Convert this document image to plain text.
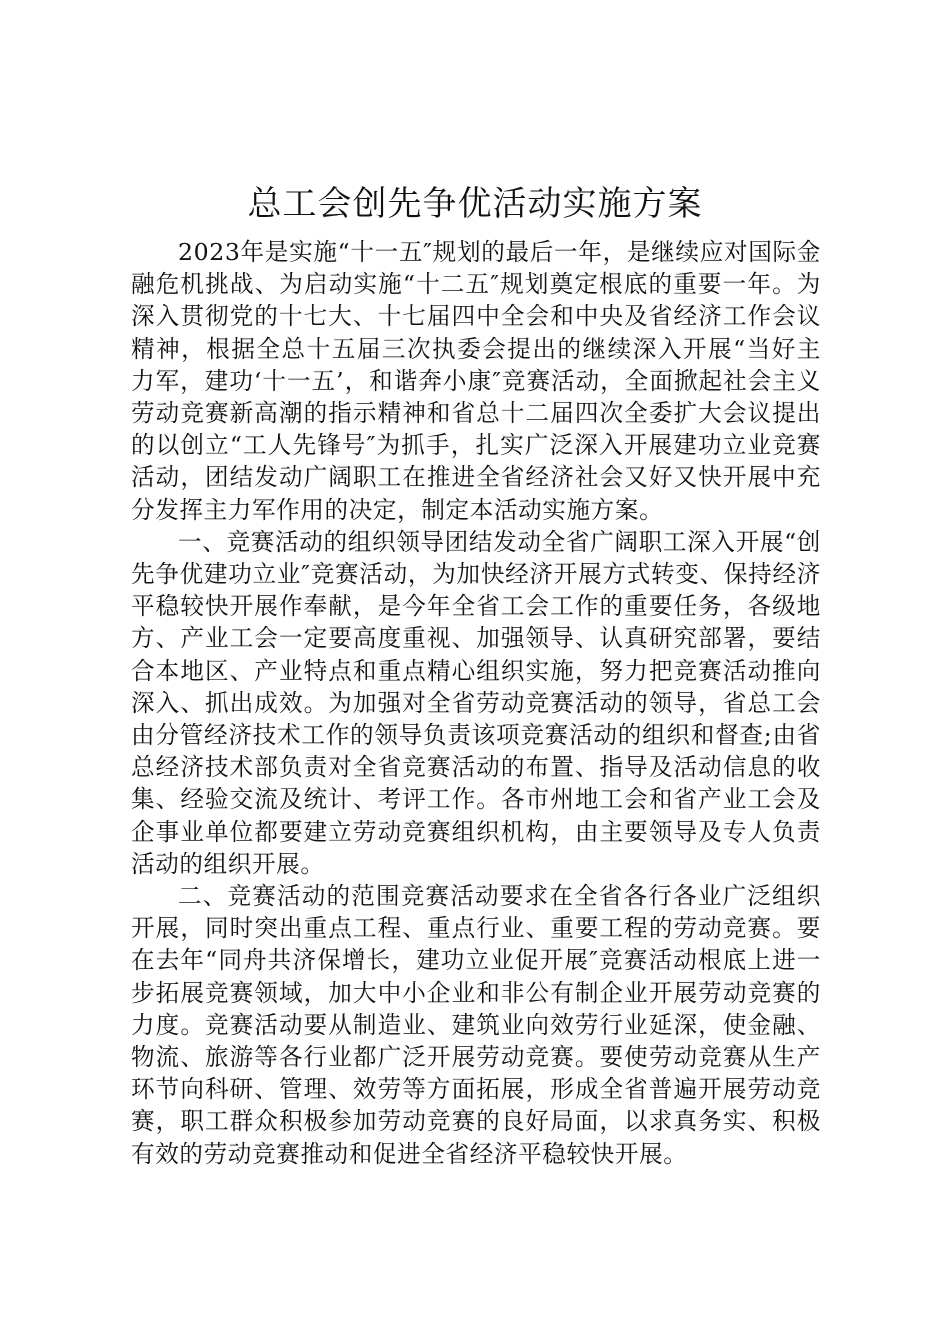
总工会创先争优活动实施方案

2023年是实施“十一五″规划的最后一年，是继续应对国际金融危机挑战、为启动实施“十二五″规划奠定根底的重要一年。为深入贯彻党的十七大、十七届四中全会和中央及省经济工作会议精神，根据全总十五届三次执委会提出的继续深入开展“当好主力军，建功‘十一五’，和谐奔小康″竞赛活动，全面掀起社会主义劳动竞赛新高潮的指示精神和省总十二届四次全委扩大会议提出的以创立“工人先锋号″为抓手，扎实广泛深入开展建功立业竞赛活动，团结发动广阔职工在推进全省经济社会又好又快开展中充分发挥主力军作用的决定，制定本活动实施方案。

一、竞赛活动的组织领导团结发动全省广阔职工深入开展“创先争优建功立业″竞赛活动，为加快经济开展方式转变、保持经济平稳较快开展作奉献，是今年全省工会工作的重要任务，各级地方、产业工会一定要高度重视、加强领导、认真研究部署，要结合本地区、产业特点和重点精心组织实施，努力把竞赛活动推向深入、抓出成效。为加强对全省劳动竞赛活动的领导，省总工会由分管经济技术工作的领导负责该项竞赛活动的组织和督查;由省总经济技术部负责对全省竞赛活动的布置、指导及活动信息的收集、经验交流及统计、考评工作。各市州地工会和省产业工会及企事业单位都要建立劳动竞赛组织机构，由主要领导及专人负责活动的组织开展。

二、竞赛活动的范围竞赛活动要求在全省各行各业广泛组织开展，同时突出重点工程、重点行业、重要工程的劳动竞赛。要在去年“同舟共济保增长，建功立业促开展″竞赛活动根底上进一步拓展竞赛领域，加大中小企业和非公有制企业开展劳动竞赛的力度。竞赛活动要从制造业、建筑业向效劳行业延深，使金融、物流、旅游等各行业都广泛开展劳动竞赛。要使劳动竞赛从生产环节向科研、管理、效劳等方面拓展，形成全省普遍开展劳动竞赛，职工群众积极参加劳动竞赛的良好局面，以求真务实、积极有效的劳动竞赛推动和促进全省经济平稳较快开展。
